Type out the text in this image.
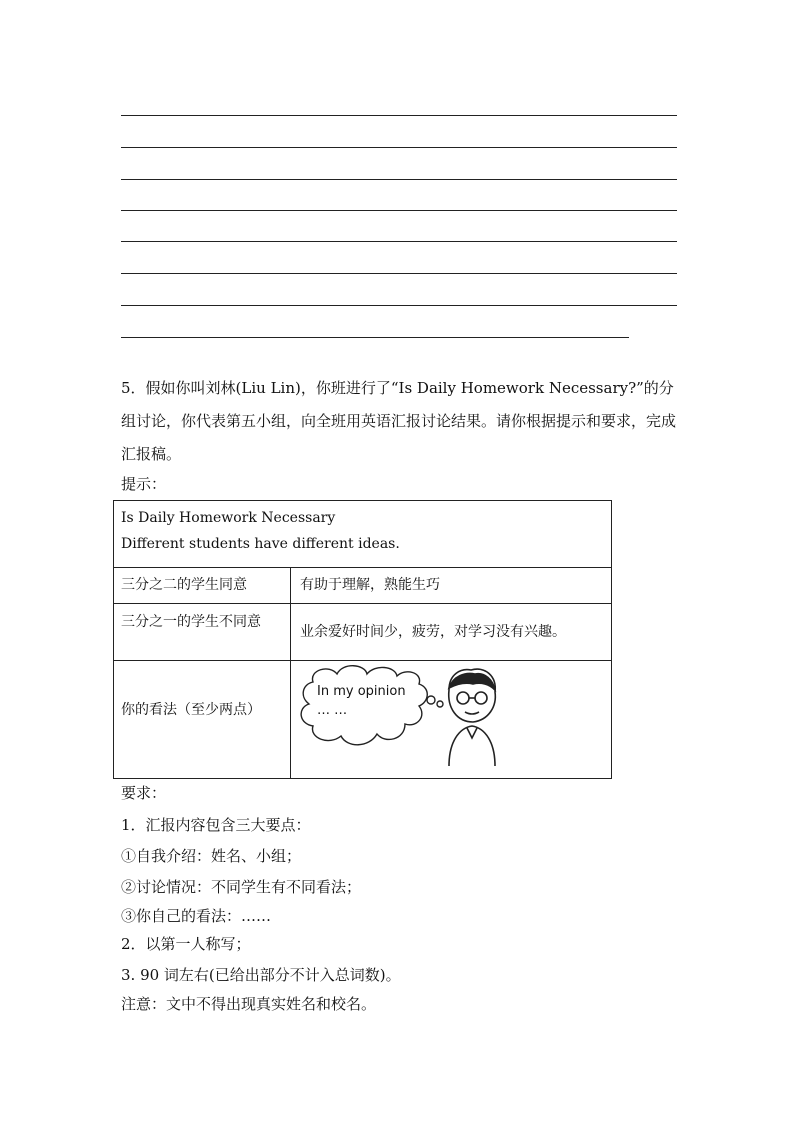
5．假如你叫刘林(Liu Lin)，你班进行了“Is Daily Homework Necessary?”的分组讨论，你代表第五小组，向全班用英语汇报讨论结果。请你根据提示和要求，完成汇报稿。

提示：

Is Daily Homework Necessary

Different students have different ideas.

三分之二的学生同意	有助于理解，熟能生巧

三分之一的学生不同意

业余爱好时间少，疲劳，对学习没有兴趣。

你的看法（至少两点）

In my opinion
… …

要求：

1．汇报内容包含三大要点：

①自我介绍：姓名、小组；

②讨论情况：不同学生有不同看法；

③你自己的看法：……

2．以第一人称写；

3. 90 词左右(已给出部分不计入总词数)。

注意：文中不得出现真实姓名和校名。
